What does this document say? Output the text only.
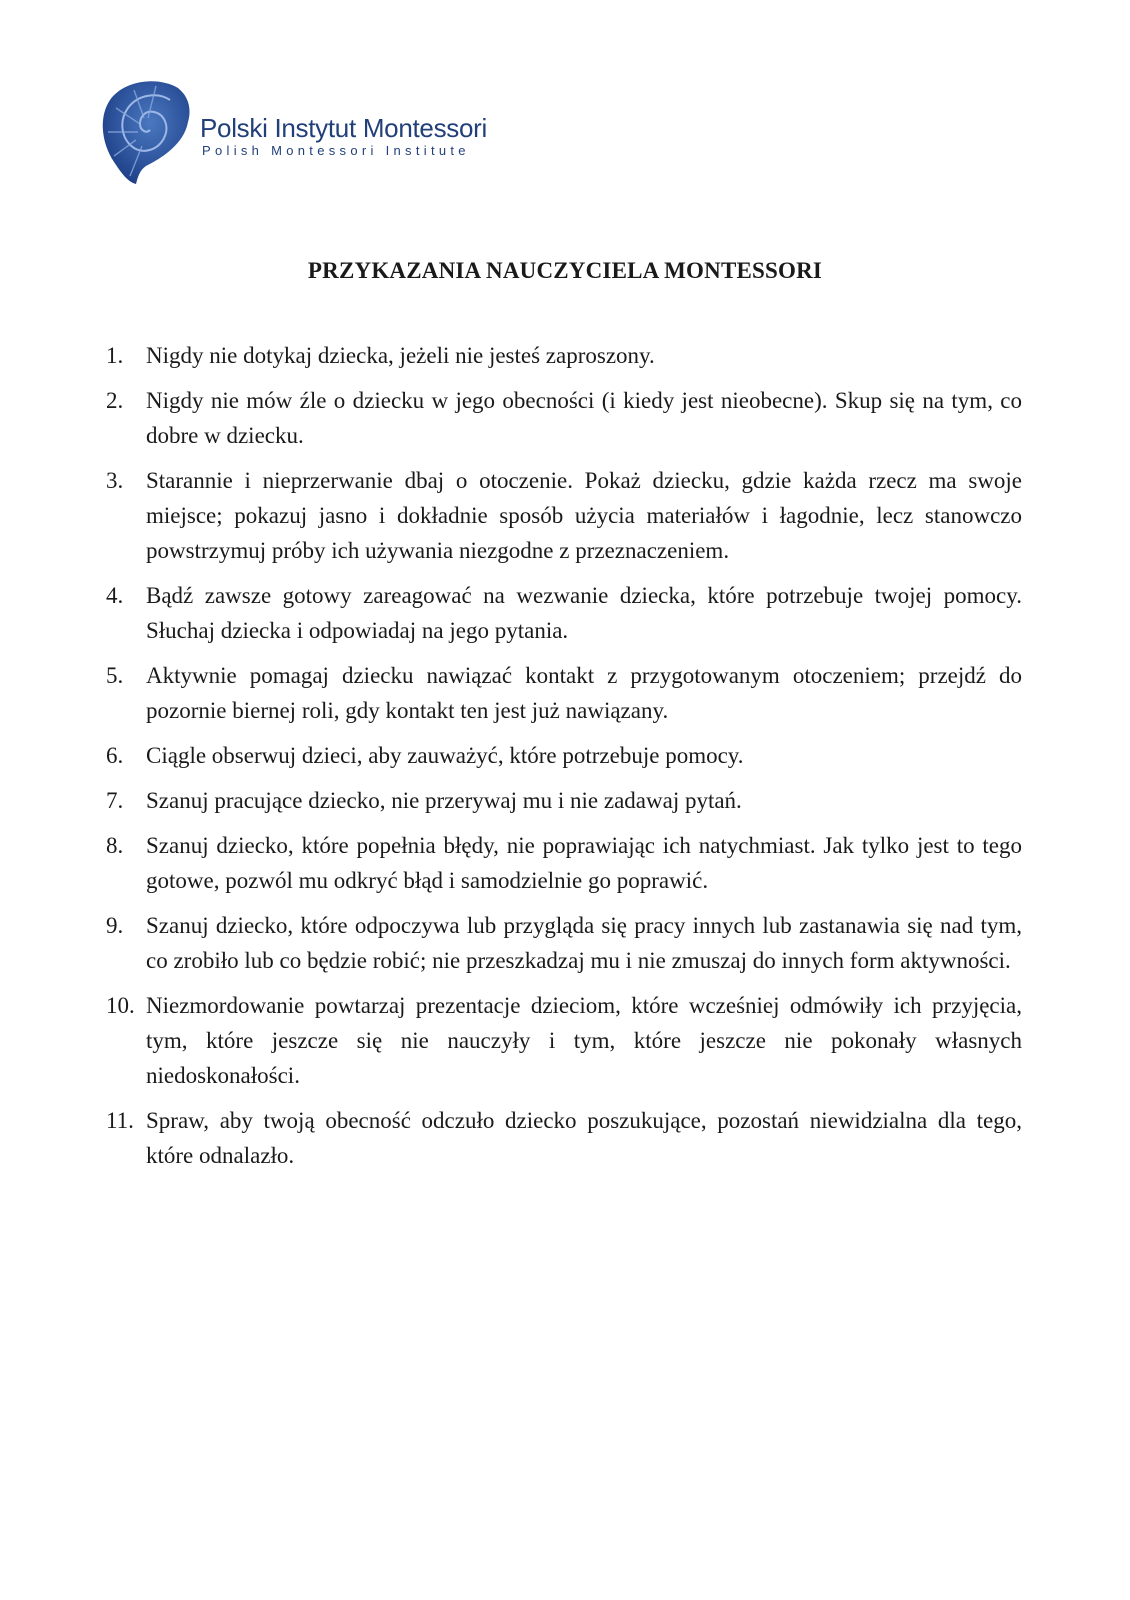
Polski Instytut Montessori
Polish Montessori Institute
PRZYKAZANIA NAUCZYCIELA MONTESSORI
1. Nigdy nie dotykaj dziecka, jeżeli nie jesteś zaproszony.
2. Nigdy nie mów źle o dziecku w jego obecności (i kiedy jest nieobecne). Skup się na tym, co dobre w dziecku.
3. Starannie i nieprzerwanie dbaj o otoczenie. Pokaż dziecku, gdzie każda rzecz ma swoje miejsce; pokazuj jasno i dokładnie sposób użycia materiałów i łagodnie, lecz stanowczo powstrzymuj próby ich używania niezgodne z przeznaczeniem.
4. Bądź zawsze gotowy zareagować na wezwanie dziecka, które potrzebuje twojej pomocy. Słuchaj dziecka i odpowiadaj na jego pytania.
5. Aktywnie pomagaj dziecku nawiązać kontakt z przygotowanym otoczeniem; przejdź do pozornie biernej roli, gdy kontakt ten jest już nawiązany.
6. Ciągle obserwuj dzieci, aby zauważyć, które potrzebuje pomocy.
7. Szanuj pracujące dziecko, nie przerywaj mu i nie zadawaj pytań.
8. Szanuj dziecko, które popełnia błędy, nie poprawiając ich natychmiast. Jak tylko jest to tego gotowe, pozwól mu odkryć błąd i samodzielnie go poprawić.
9. Szanuj dziecko, które odpoczywa lub przygląda się pracy innych lub zastanawia się nad tym, co zrobiło lub co będzie robić; nie przeszkadzaj mu i nie zmuszaj do innych form aktywności.
10. Niezmordowanie powtarzaj prezentacje dzieciom, które wcześniej odmówiły ich przyjęcia, tym, które jeszcze się nie nauczyły i tym, które jeszcze nie pokonały własnych niedoskonałości.
11. Spraw, aby twoją obecność odczuło dziecko poszukujące, pozostań niewidzialna dla tego, które odnalazło.
